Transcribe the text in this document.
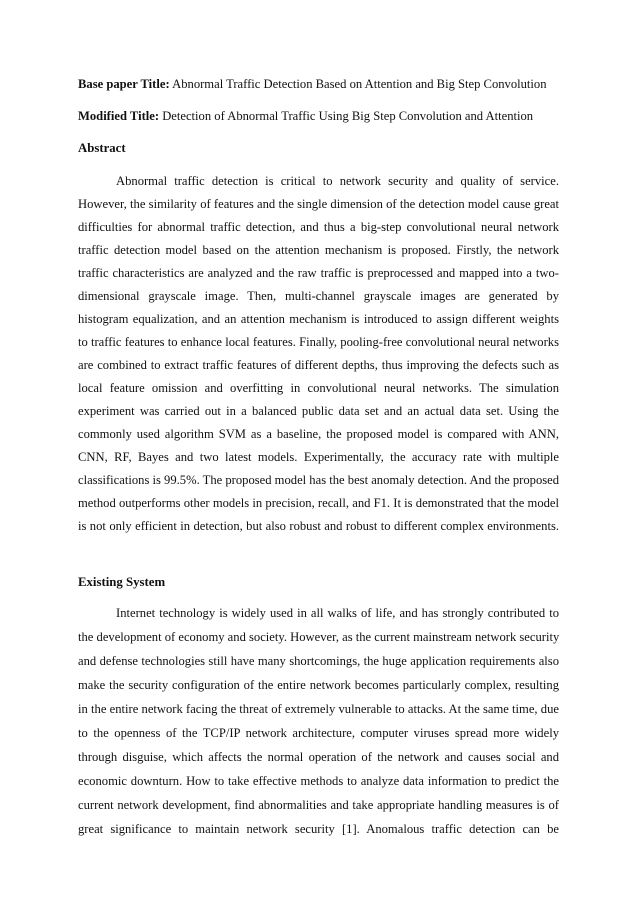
Base paper Title: Abnormal Traffic Detection Based on Attention and Big Step Convolution

Modified Title: Detection of Abnormal Traffic Using Big Step Convolution and Attention

Abstract

Abnormal traffic detection is critical to network security and quality of service.

However, the similarity of features and the single dimension of the detection model cause great

difficulties for abnormal traffic detection, and thus a big-step convolutional neural network

traffic detection model based on the attention mechanism is proposed. Firstly, the network

traffic characteristics are analyzed and the raw traffic is preprocessed and mapped into a two-

dimensional grayscale image. Then, multi-channel grayscale images are generated by

histogram equalization, and an attention mechanism is introduced to assign different weights

to traffic features to enhance local features. Finally, pooling-free convolutional neural networks

are combined to extract traffic features of different depths, thus improving the defects such as

local feature omission and overfitting in convolutional neural networks. The simulation

experiment was carried out in a balanced public data set and an actual data set. Using the

commonly used algorithm SVM as a baseline, the proposed model is compared with ANN,

CNN, RF, Bayes and two latest models. Experimentally, the accuracy rate with multiple

classifications is 99.5%. The proposed model has the best anomaly detection. And the proposed

method outperforms other models in precision, recall, and F1. It is demonstrated that the model

is not only efficient in detection, but also robust and robust to different complex environments.

Existing System

Internet technology is widely used in all walks of life, and has strongly contributed to

the development of economy and society. However, as the current mainstream network security

and defense technologies still have many shortcomings, the huge application requirements also

make the security configuration of the entire network becomes particularly complex, resulting

in the entire network facing the threat of extremely vulnerable to attacks. At the same time, due

to the openness of the TCP/IP network architecture, computer viruses spread more widely

through disguise, which affects the normal operation of the network and causes social and

economic downturn. How to take effective methods to analyze data information to predict the

current network development, find abnormalities and take appropriate handling measures is of

great significance to maintain network security [1]. Anomalous traffic detection can be
